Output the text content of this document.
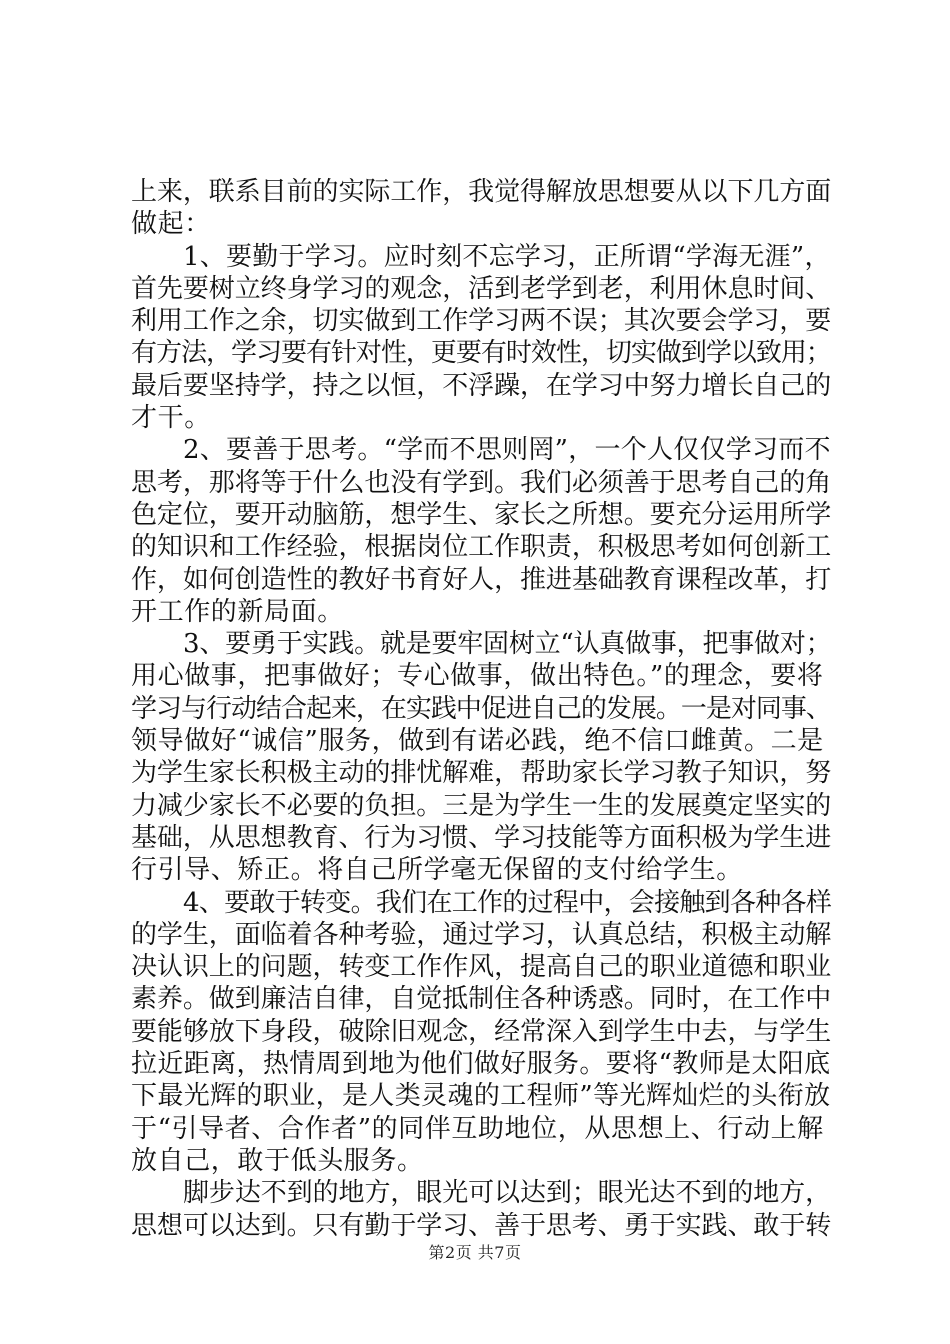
上来，联系目前的实际工作，我觉得解放思想要从以下几方面
做起：
1、要勤于学习。应时刻不忘学习，正所谓“学海无涯”，
首先要树立终身学习的观念，活到老学到老，利用休息时间、
利用工作之余，切实做到工作学习两不误；其次要会学习，要
有方法，学习要有针对性，更要有时效性，切实做到学以致用；
最后要坚持学，持之以恒，不浮躁，在学习中努力增长自己的
才干。
2、要善于思考。“学而不思则罔”，一个人仅仅学习而不
思考，那将等于什么也没有学到。我们必须善于思考自己的角
色定位，要开动脑筋，想学生、家长之所想。要充分运用所学
的知识和工作经验，根据岗位工作职责，积极思考如何创新工
作，如何创造性的教好书育好人，推进基础教育课程改革，打
开工作的新局面。
3、要勇于实践。就是要牢固树立“认真做事，把事做对；
用心做事，把事做好；专心做事，做出特色。”的理念，要将
学习与行动结合起来，在实践中促进自己的发展。一是对同事、
领导做好“诚信”服务，做到有诺必践，绝不信口雌黄。二是
为学生家长积极主动的排忧解难，帮助家长学习教子知识，努
力减少家长不必要的负担。三是为学生一生的发展奠定坚实的
基础，从思想教育、行为习惯、学习技能等方面积极为学生进
行引导、矫正。将自己所学毫无保留的支付给学生。
4、要敢于转变。我们在工作的过程中，会接触到各种各样
的学生，面临着各种考验，通过学习，认真总结，积极主动解
决认识上的问题，转变工作作风，提高自己的职业道德和职业
素养。做到廉洁自律，自觉抵制住各种诱惑。同时，在工作中
要能够放下身段，破除旧观念，经常深入到学生中去，与学生
拉近距离，热情周到地为他们做好服务。要将“教师是太阳底
下最光辉的职业，是人类灵魂的工程师”等光辉灿烂的头衔放
于“引导者、合作者”的同伴互助地位，从思想上、行动上解
放自己，敢于低头服务。
脚步达不到的地方，眼光可以达到；眼光达不到的地方，
思想可以达到。只有勤于学习、善于思考、勇于实践、敢于转
第2页 共7页
